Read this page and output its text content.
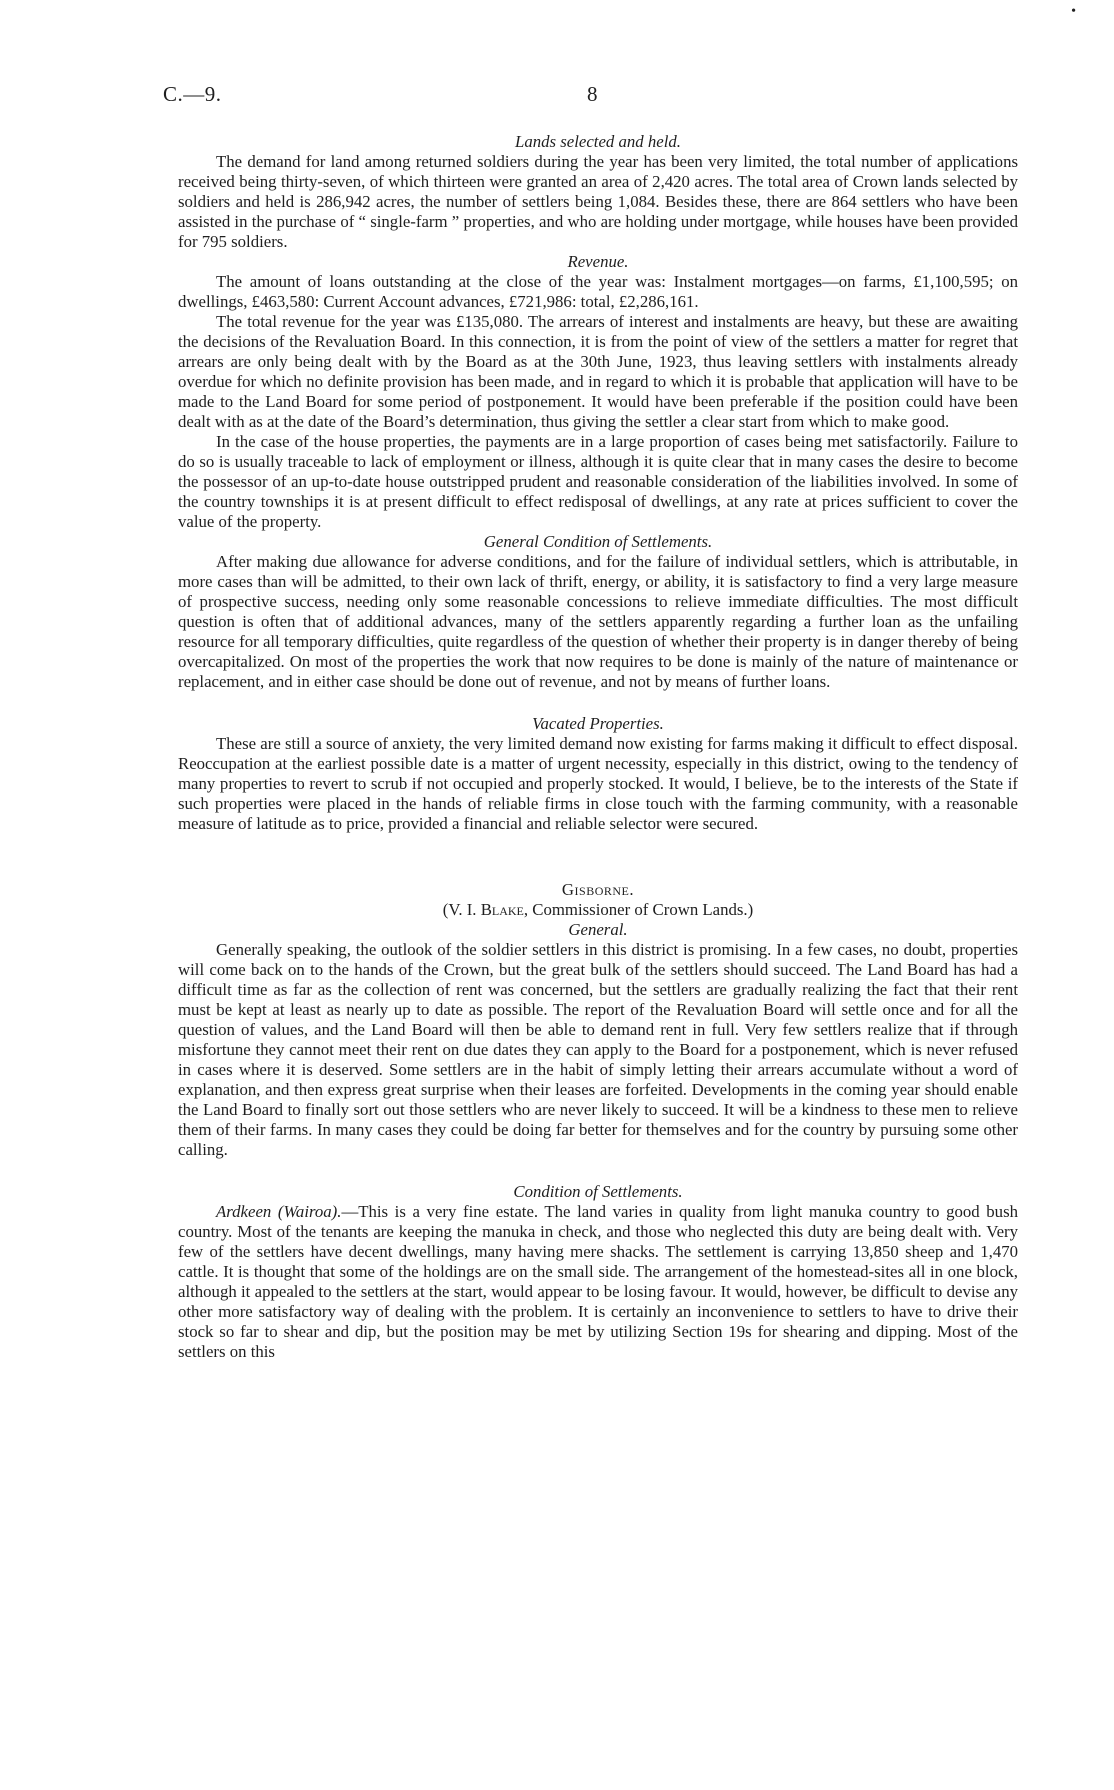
•
C.—9.	8
Lands selected and held.

The demand for land among returned soldiers during the year has been very limited, the total number of applications received being thirty-seven, of which thirteen were granted an area of 2,420 acres. The total area of Crown lands selected by soldiers and held is 286,942 acres, the number of settlers being 1,084. Besides these, there are 864 settlers who have been assisted in the purchase of “ single-farm ” properties, and who are holding under mortgage, while houses have been provided for 795 soldiers.

Revenue.

The amount of loans outstanding at the close of the year was: Instalment mortgages—on farms, £1,100,595; on dwellings, £463,580: Current Account advances, £721,986: total, £2,286,161.

The total revenue for the year was £135,080. The arrears of interest and instalments are heavy, but these are awaiting the decisions of the Revaluation Board. In this connection, it is from the point of view of the settlers a matter for regret that arrears are only being dealt with by the Board as at the 30th June, 1923, thus leaving settlers with instalments already overdue for which no definite provision has been made, and in regard to which it is probable that application will have to be made to the Land Board for some period of postponement. It would have been preferable if the position could have been dealt with as at the date of the Board’s determination, thus giving the settler a clear start from which to make good.

In the case of the house properties, the payments are in a large proportion of cases being met satisfactorily. Failure to do so is usually traceable to lack of employment or illness, although it is quite clear that in many cases the desire to become the possessor of an up-to-date house outstripped prudent and reasonable consideration of the liabilities involved. In some of the country townships it is at present difficult to effect redisposal of dwellings, at any rate at prices sufficient to cover the value of the property.

General Condition of Settlements.

After making due allowance for adverse conditions, and for the failure of individual settlers, which is attributable, in more cases than will be admitted, to their own lack of thrift, energy, or ability, it is satisfactory to find a very large measure of prospective success, needing only some reasonable concessions to relieve immediate difficulties. The most difficult question is often that of additional advances, many of the settlers apparently regarding a further loan as the unfailing resource for all temporary difficulties, quite regardless of the question of whether their property is in danger thereby of being overcapitalized. On most of the properties the work that now requires to be done is mainly of the nature of maintenance or replacement, and in either case should be done out of revenue, and not by means of further loans.

Vacated Properties.

These are still a source of anxiety, the very limited demand now existing for farms making it difficult to effect disposal. Reoccupation at the earliest possible date is a matter of urgent necessity, especially in this district, owing to the tendency of many properties to revert to scrub if not occupied and properly stocked. It would, I believe, be to the interests of the State if such properties were placed in the hands of reliable firms in close touch with the farming community, with a reasonable measure of latitude as to price, provided a financial and reliable selector were secured.

Gisborne.
(V. I. Blake, Commissioner of Crown Lands.)
General.

Generally speaking, the outlook of the soldier settlers in this district is promising. In a few cases, no doubt, properties will come back on to the hands of the Crown, but the great bulk of the settlers should succeed. The Land Board has had a difficult time as far as the collection of rent was concerned, but the settlers are gradually realizing the fact that their rent must be kept at least as nearly up to date as possible. The report of the Revaluation Board will settle once and for all the question of values, and the Land Board will then be able to demand rent in full. Very few settlers realize that if through misfortune they cannot meet their rent on due dates they can apply to the Board for a postponement, which is never refused in cases where it is deserved. Some settlers are in the habit of simply letting their arrears accumulate without a word of explanation, and then express great surprise when their leases are forfeited. Developments in the coming year should enable the Land Board to finally sort out those settlers who are never likely to succeed. It will be a kindness to these men to relieve them of their farms. In many cases they could be doing far better for themselves and for the country by pursuing some other calling.

Condition of Settlements.

Ardkeen (Wairoa).—This is a very fine estate. The land varies in quality from light manuka country to good bush country. Most of the tenants are keeping the manuka in check, and those who neglected this duty are being dealt with. Very few of the settlers have decent dwellings, many having mere shacks. The settlement is carrying 13,850 sheep and 1,470 cattle. It is thought that some of the holdings are on the small side. The arrangement of the homestead-sites all in one block, although it appealed to the settlers at the start, would appear to be losing favour. It would, however, be difficult to devise any other more satisfactory way of dealing with the problem. It is certainly an inconvenience to settlers to have to drive their stock so far to shear and dip, but the position may be met by utilizing Section 19s for shearing and dipping. Most of the settlers on this
